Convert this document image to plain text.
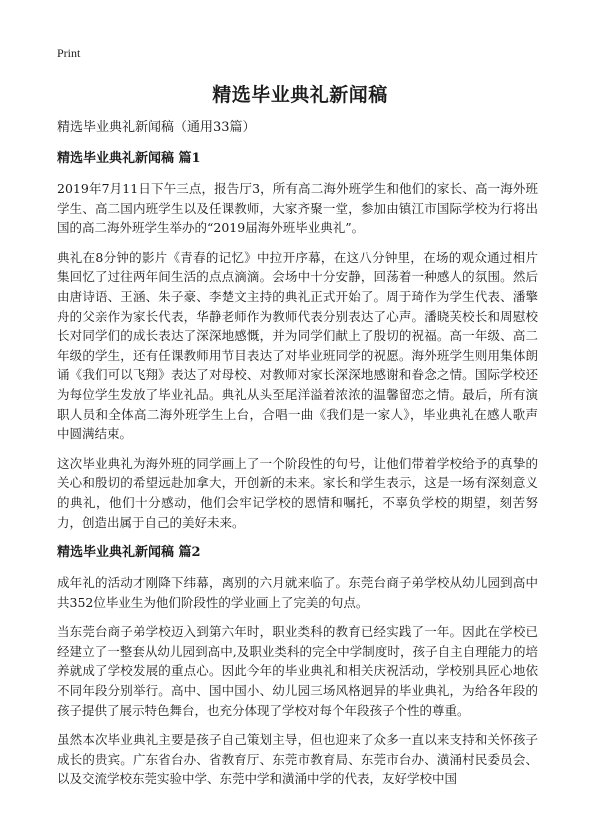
Print
精选毕业典礼新闻稿
精选毕业典礼新闻稿（通用33篇）
精选毕业典礼新闻稿 篇1

2019年7月11日下午三点，报告厅3，所有高二海外班学生和他们的家长、高一海外班学生、高二国内班学生以及任课教师，大家齐聚一堂，参加由镇江市国际学校为行将出国的高二海外班学生举办的“2019届海外班毕业典礼”。

典礼在8分钟的影片《青春的记忆》中拉开序幕，在这八分钟里，在场的观众通过相片集回忆了过往两年间生活的点点滴滴。会场中十分安静，回荡着一种感人的氛围。然后由唐诗语、王涵、朱子豪、李楚文主持的典礼正式开始了。周于琦作为学生代表、潘擎舟的父亲作为家长代表，华静老师作为教师代表分别表达了心声。潘晓芙校长和周慰校长对同学们的成长表达了深深地感慨，并为同学们献上了殷切的祝福。高一年级、高二年级的学生，还有任课教师用节目表达了对毕业班同学的祝愿。海外班学生则用集体朗诵《我们可以飞翔》表达了对母校、对教师对家长深深地感谢和眷念之情。国际学校还为每位学生发放了毕业礼品。典礼从头至尾洋溢着浓浓的温馨留恋之情。最后，所有演职人员和全体高二海外班学生上台，合唱一曲《我们是一家人》，毕业典礼在感人歌声中圆满结束。

这次毕业典礼为海外班的同学画上了一个阶段性的句号，让他们带着学校给予的真挚的关心和殷切的希望远赴加拿大，开创新的未来。家长和学生表示，这是一场有深刻意义的典礼，他们十分感动，他们会牢记学校的恩情和嘱托，不辜负学校的期望，刻苦努力，创造出属于自己的美好未来。

精选毕业典礼新闻稿 篇2

成年礼的活动才刚降下纬幕，离别的六月就来临了。东莞台商子弟学校从幼儿园到高中共352位毕业生为他们阶段性的学业画上了完美的句点。

当东莞台商子弟学校迈入到第六年时，职业类科的教育已经实践了一年。因此在学校已经建立了一整套从幼儿园到高中,及职业类科的完全中学制度时，孩子自主自理能力的培养就成了学校发展的重点心。因此今年的毕业典礼和相关庆祝活动，学校别具匠心地依不同年段分别举行。高中、国中国小、幼儿园三场风格迥异的毕业典礼，为给各年段的孩子提供了展示特色舞台，也充分体现了学校对每个年段孩子个性的尊重。

虽然本次毕业典礼主要是孩子自己策划主导，但也迎来了众多一直以来支持和关怀孩子成长的贵宾。广东省台办、省教育厅、东莞市教育局、东莞市台办、潢涌村民委员会、以及交流学校东莞实验中学、东莞中学和潢涌中学的代表，友好学校中国
